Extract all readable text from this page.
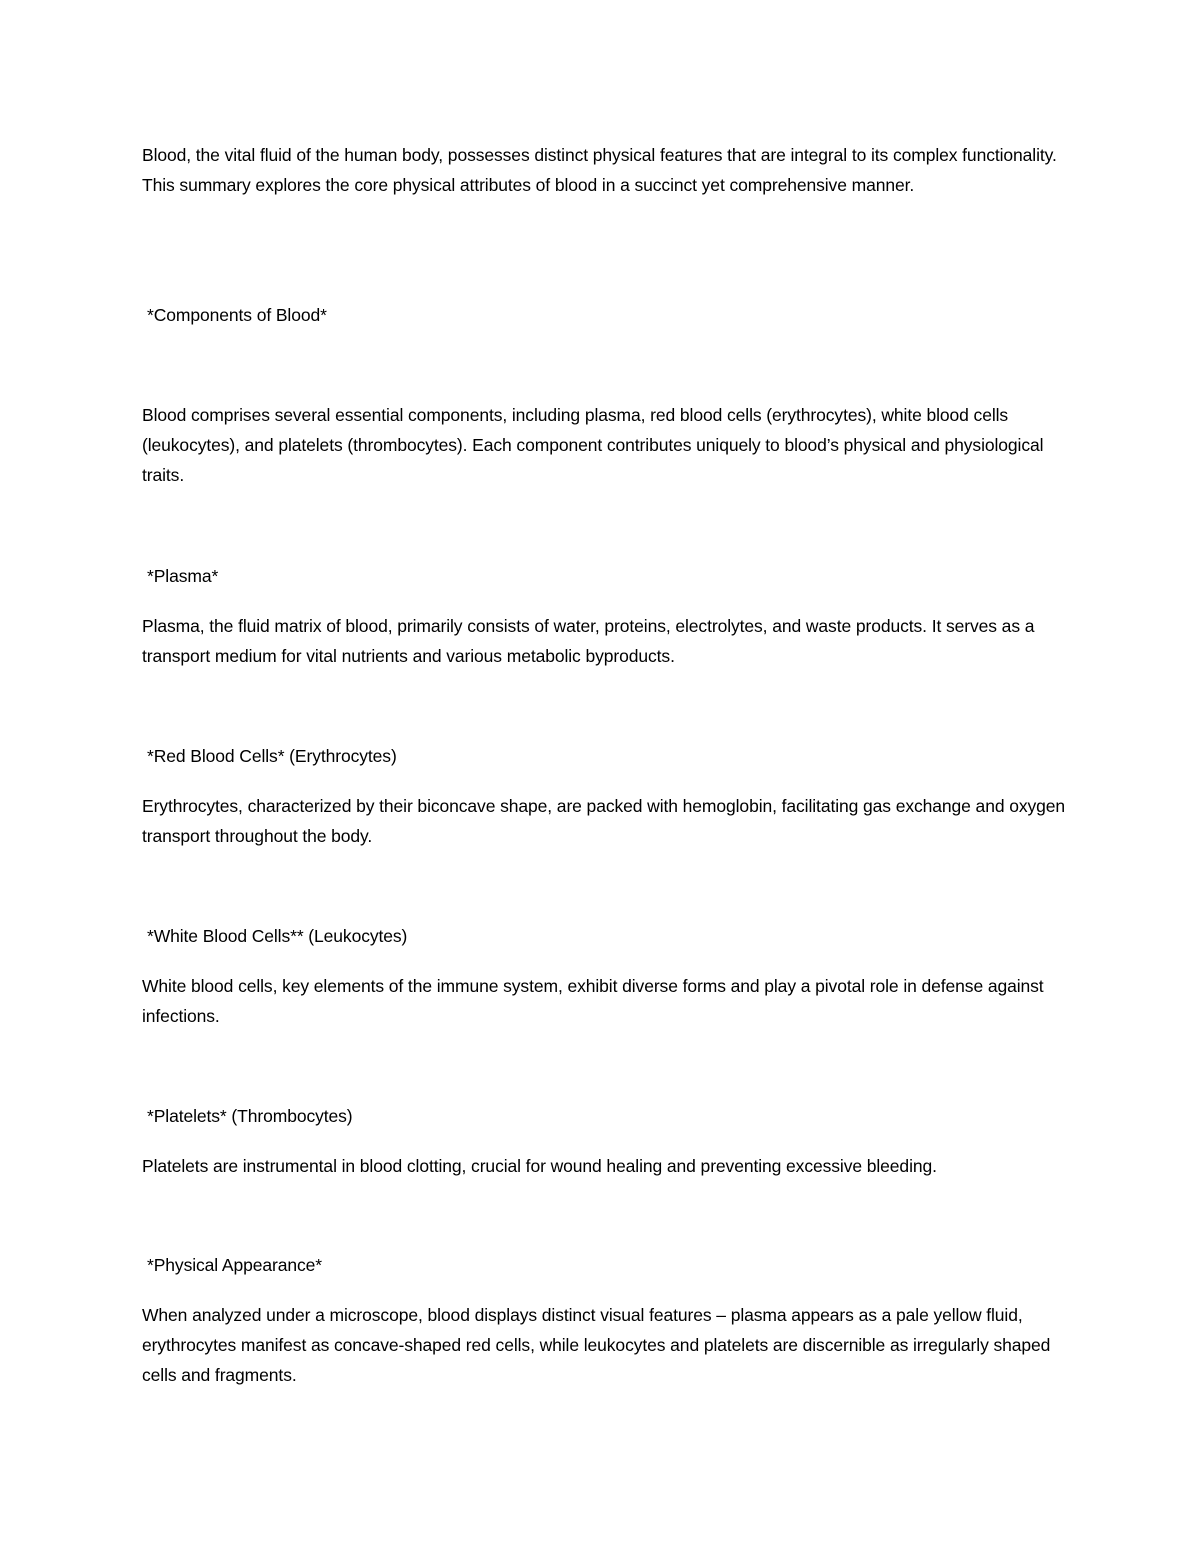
Blood, the vital fluid of the human body, possesses distinct physical features that are integral to its complex functionality. This summary explores the core physical attributes of blood in a succinct yet comprehensive manner.

*Components of Blood*

Blood comprises several essential components, including plasma, red blood cells (erythrocytes), white blood cells (leukocytes), and platelets (thrombocytes). Each component contributes uniquely to blood’s physical and physiological traits.

*Plasma*

Plasma, the fluid matrix of blood, primarily consists of water, proteins, electrolytes, and waste products. It serves as a transport medium for vital nutrients and various metabolic byproducts.

*Red Blood Cells* (Erythrocytes)

Erythrocytes, characterized by their biconcave shape, are packed with hemoglobin, facilitating gas exchange and oxygen transport throughout the body.

*White Blood Cells** (Leukocytes)

White blood cells, key elements of the immune system, exhibit diverse forms and play a pivotal role in defense against infections.

*Platelets* (Thrombocytes)

Platelets are instrumental in blood clotting, crucial for wound healing and preventing excessive bleeding.

*Physical Appearance*

When analyzed under a microscope, blood displays distinct visual features – plasma appears as a pale yellow fluid, erythrocytes manifest as concave-shaped red cells, while leukocytes and platelets are discernible as irregularly shaped cells and fragments.
